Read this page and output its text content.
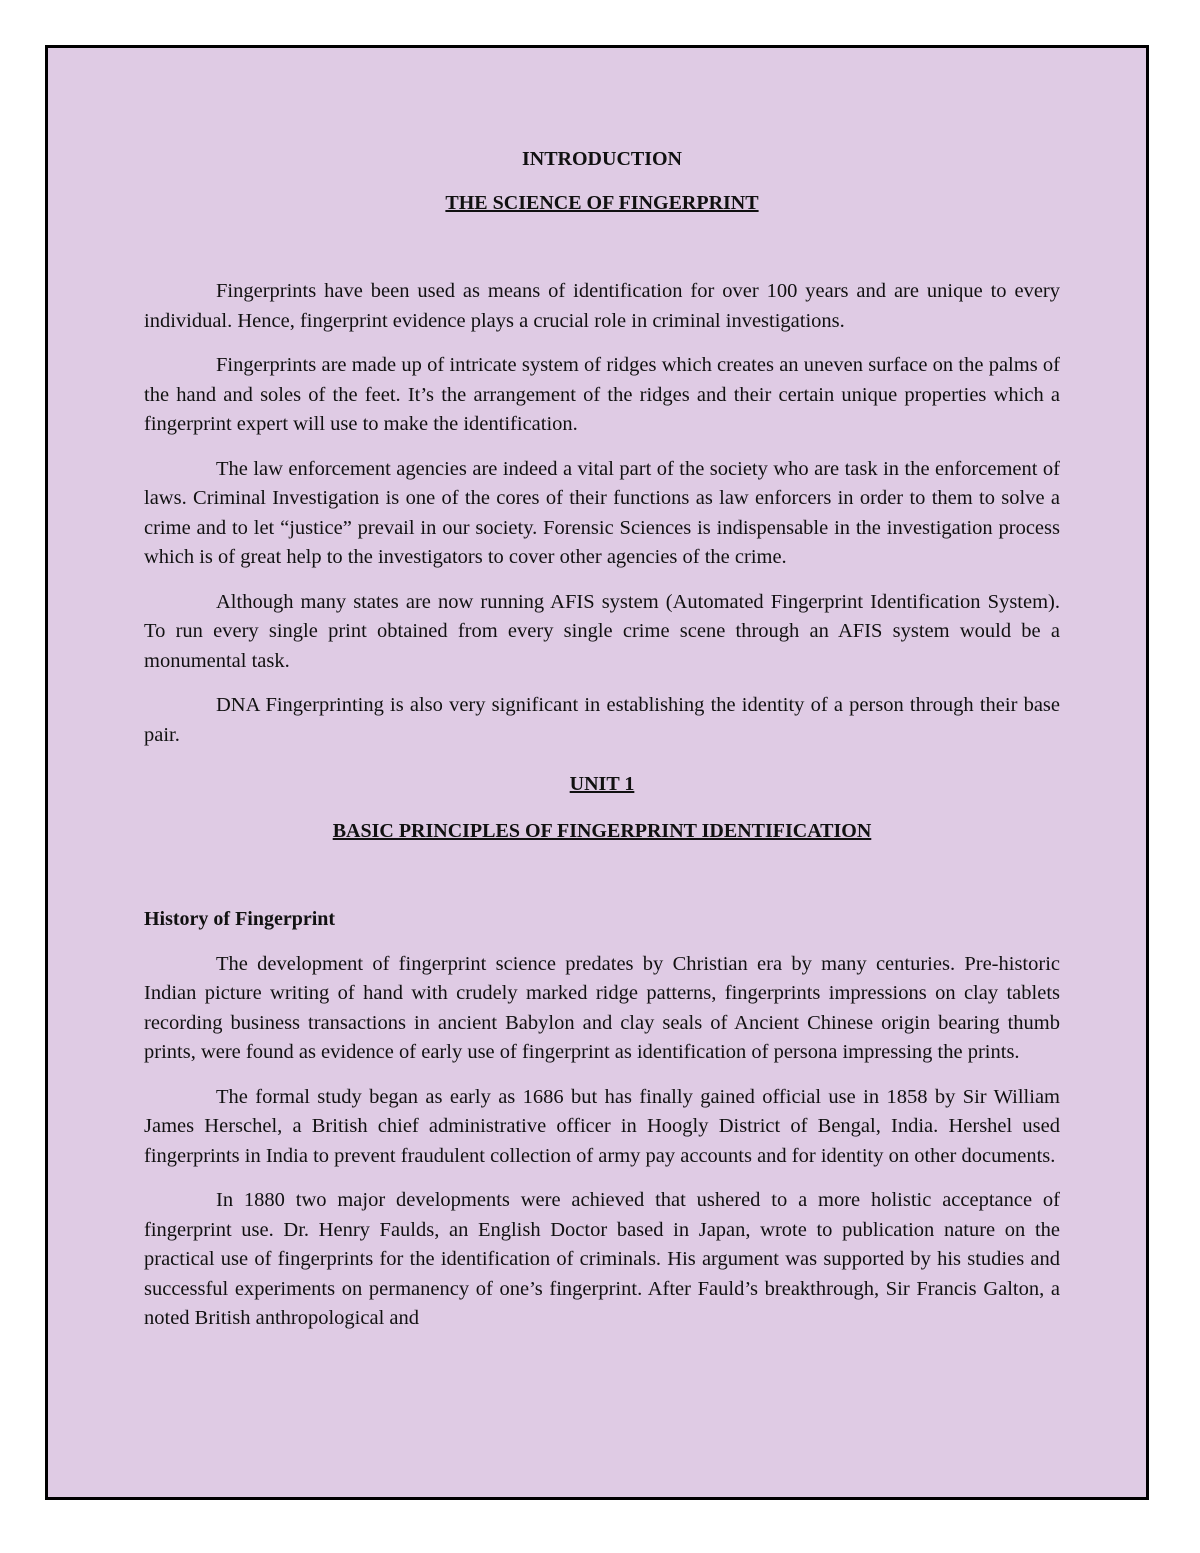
INTRODUCTION

THE SCIENCE OF FINGERPRINT

Fingerprints have been used as means of identification for over 100 years and are unique to every individual. Hence, fingerprint evidence plays a crucial role in criminal investigations.

Fingerprints are made up of intricate system of ridges which creates an uneven surface on the palms of the hand and soles of the feet. It’s the arrangement of the ridges and their certain unique properties which a fingerprint expert will use to make the identification.

The law enforcement agencies are indeed a vital part of the society who are task in the enforcement of laws. Criminal Investigation is one of the cores of their functions as law enforcers in order to them to solve a crime and to let “justice” prevail in our society. Forensic Sciences is indispensable in the investigation process which is of great help to the investigators to cover other agencies of the crime.

Although many states are now running AFIS system (Automated Fingerprint Identification System). To run every single print obtained from every single crime scene through an AFIS system would be a monumental task.

DNA Fingerprinting is also very significant in establishing the identity of a person through their base pair.

UNIT 1

BASIC PRINCIPLES OF FINGERPRINT IDENTIFICATION

History of Fingerprint

The development of fingerprint science predates by Christian era by many centuries. Pre-historic Indian picture writing of hand with crudely marked ridge patterns, fingerprints impressions on clay tablets recording business transactions in ancient Babylon and clay seals of Ancient Chinese origin bearing thumb prints, were found as evidence of early use of fingerprint as identification of persona impressing the prints.

The formal study began as early as 1686 but has finally gained official use in 1858 by Sir William James Herschel, a British chief administrative officer in Hoogly District of Bengal, India. Hershel used fingerprints in India to prevent fraudulent collection of army pay accounts and for identity on other documents.

In 1880 two major developments were achieved that ushered to a more holistic acceptance of fingerprint use. Dr. Henry Faulds, an English Doctor based in Japan, wrote to publication nature on the practical use of fingerprints for the identification of criminals. His argument was supported by his studies and successful experiments on permanency of one’s fingerprint. After Fauld’s breakthrough, Sir Francis Galton, a noted British anthropological and
